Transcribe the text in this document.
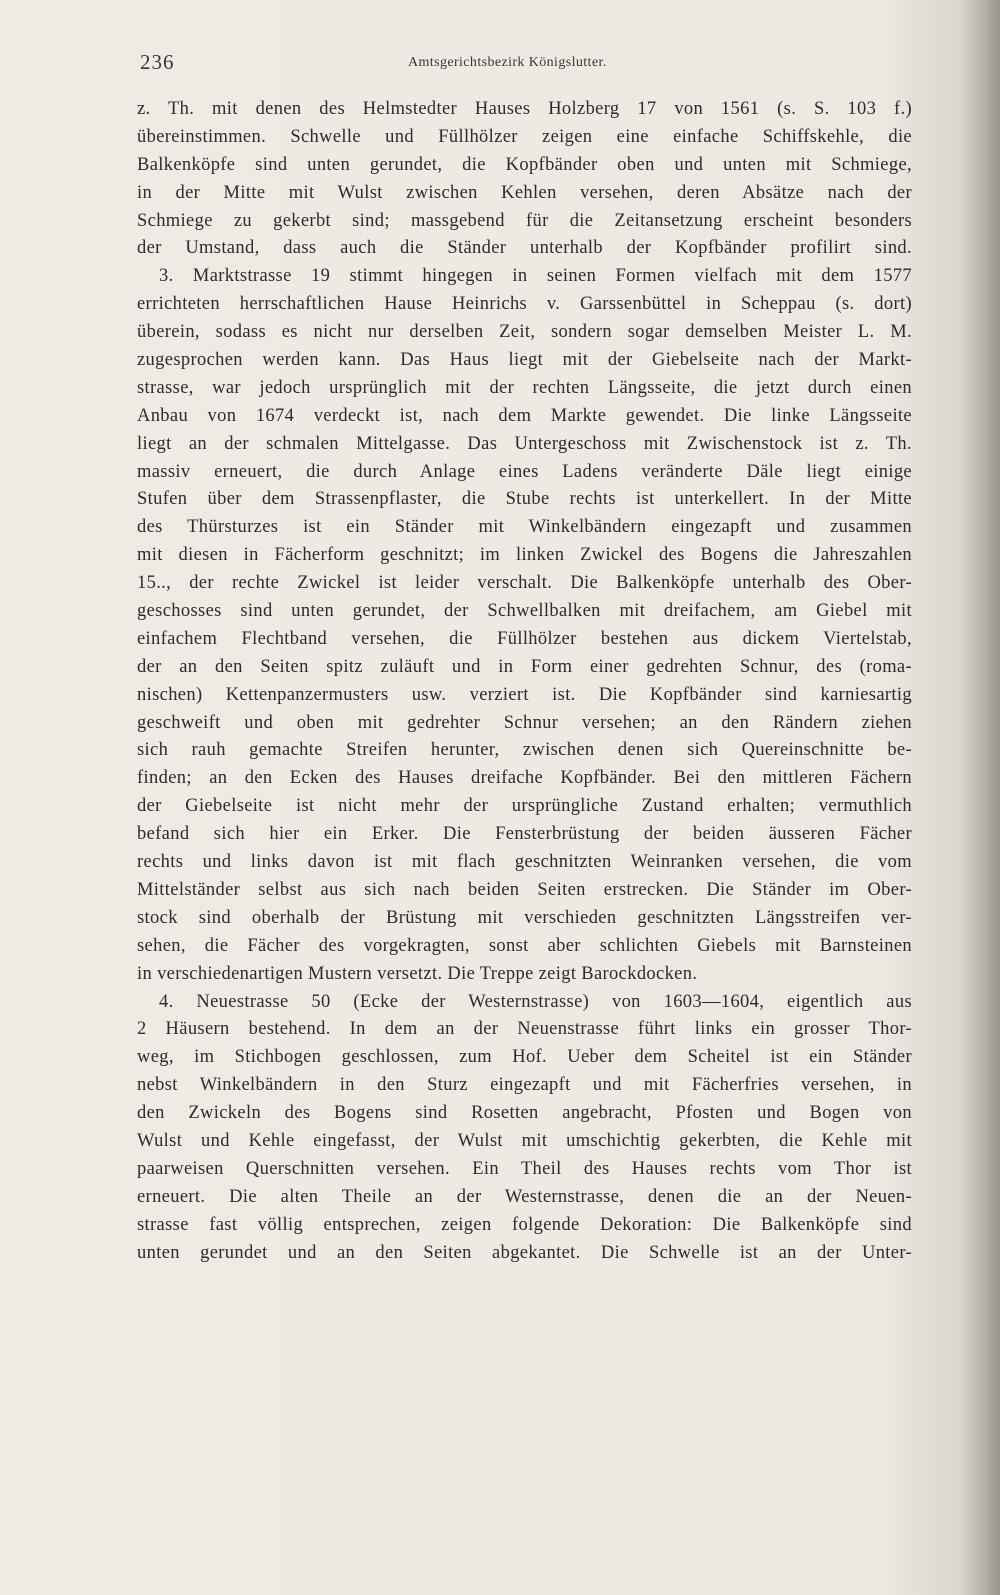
236	Amtsgerichtsbezirk Königslutter.
z. Th. mit denen des Helmstedter Hauses Holzberg 17 von 1561 (s. S. 103 f.)
übereinstimmen. Schwelle und Füllhölzer zeigen eine einfache Schiffskehle, die
Balkenköpfe sind unten gerundet, die Kopfbänder oben und unten mit Schmiege,
in der Mitte mit Wulst zwischen Kehlen versehen, deren Absätze nach der
Schmiege zu gekerbt sind; massgebend für die Zeitansetzung erscheint besonders
der Umstand, dass auch die Ständer unterhalb der Kopfbänder profilirt sind.
3. Marktstrasse 19 stimmt hingegen in seinen Formen vielfach mit dem 1577
errichteten herrschaftlichen Hause Heinrichs v. Garssenbüttel in Scheppau (s. dort)
überein, sodass es nicht nur derselben Zeit, sondern sogar demselben Meister L. M.
zugesprochen werden kann. Das Haus liegt mit der Giebelseite nach der Markt-
strasse, war jedoch ursprünglich mit der rechten Längsseite, die jetzt durch einen
Anbau von 1674 verdeckt ist, nach dem Markte gewendet. Die linke Längsseite
liegt an der schmalen Mittelgasse. Das Untergeschoss mit Zwischenstock ist z. Th.
massiv erneuert, die durch Anlage eines Ladens veränderte Däle liegt einige
Stufen über dem Strassenpflaster, die Stube rechts ist unterkellert. In der Mitte
des Thürsturzes ist ein Ständer mit Winkelbändern eingezapft und zusammen
mit diesen in Fächerform geschnitzt; im linken Zwickel des Bogens die Jahreszahlen
15.., der rechte Zwickel ist leider verschalt. Die Balkenköpfe unterhalb des Ober-
geschosses sind unten gerundet, der Schwellbalken mit dreifachem, am Giebel mit
einfachem Flechtband versehen, die Füllhölzer bestehen aus dickem Viertelstab,
der an den Seiten spitz zuläuft und in Form einer gedrehten Schnur, des (roma-
nischen) Kettenpanzermusters usw. verziert ist. Die Kopfbänder sind karniesartig
geschweift und oben mit gedrehter Schnur versehen; an den Rändern ziehen
sich rauh gemachte Streifen herunter, zwischen denen sich Quereinschnitte be-
finden; an den Ecken des Hauses dreifache Kopfbänder. Bei den mittleren Fächern
der Giebelseite ist nicht mehr der ursprüngliche Zustand erhalten; vermuthlich
befand sich hier ein Erker. Die Fensterbrüstung der beiden äusseren Fächer
rechts und links davon ist mit flach geschnitzten Weinranken versehen, die vom
Mittelständer selbst aus sich nach beiden Seiten erstrecken. Die Ständer im Ober-
stock sind oberhalb der Brüstung mit verschieden geschnitzten Längsstreifen ver-
sehen, die Fächer des vorgekragten, sonst aber schlichten Giebels mit Barnsteinen
in verschiedenartigen Mustern versetzt. Die Treppe zeigt Barockdocken.
4. Neuestrasse 50 (Ecke der Westernstrasse) von 1603—1604, eigentlich aus
2 Häusern bestehend. In dem an der Neuenstrasse führt links ein grosser Thor-
weg, im Stichbogen geschlossen, zum Hof. Ueber dem Scheitel ist ein Ständer
nebst Winkelbändern in den Sturz eingezapft und mit Fächerfries versehen, in
den Zwickeln des Bogens sind Rosetten angebracht, Pfosten und Bogen von
Wulst und Kehle eingefasst, der Wulst mit umschichtig gekerbten, die Kehle mit
paarweisen Querschnitten versehen. Ein Theil des Hauses rechts vom Thor ist
erneuert. Die alten Theile an der Westernstrasse, denen die an der Neuen-
strasse fast völlig entsprechen, zeigen folgende Dekoration: Die Balkenköpfe sind
unten gerundet und an den Seiten abgekantet. Die Schwelle ist an der Unter-
